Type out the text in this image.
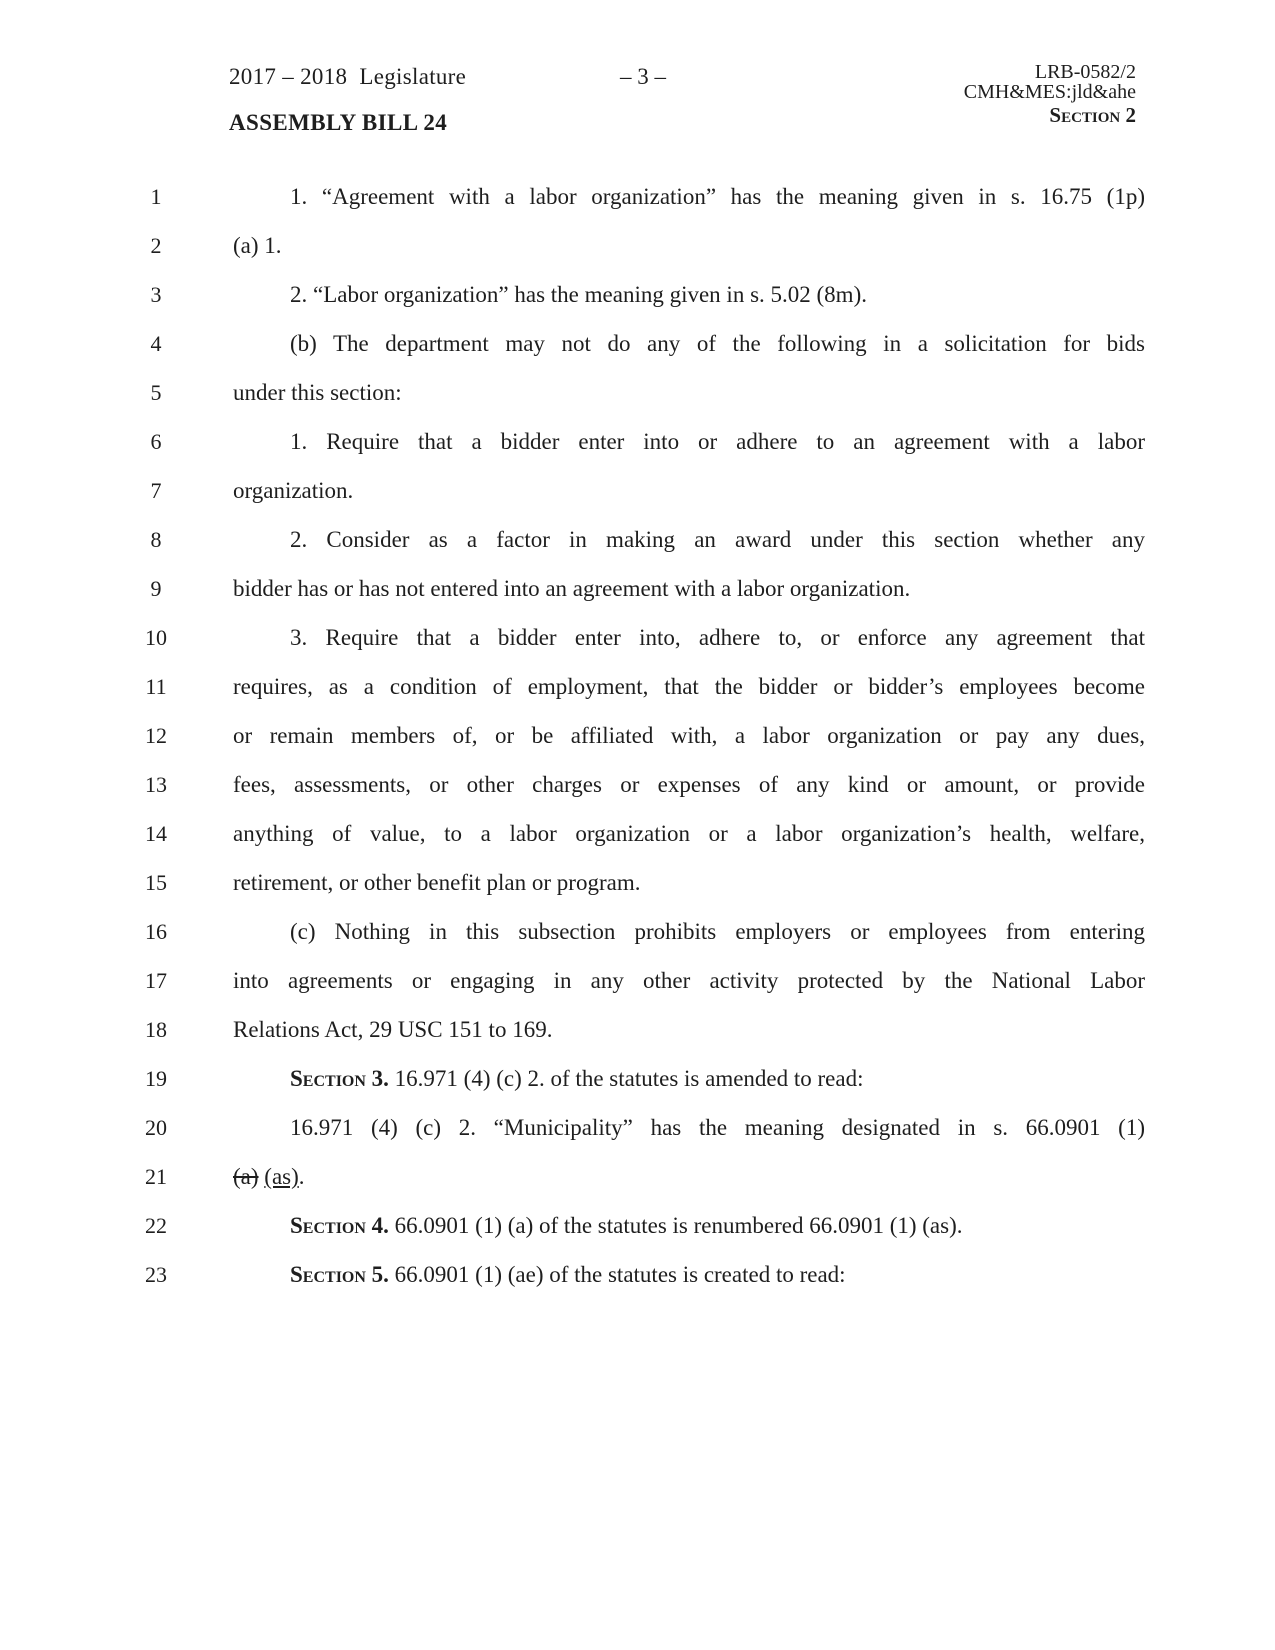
2017 – 2018  Legislature
ASSEMBLY BILL 24
– 3 –	LRB-0582/2
CMH&MES:jld&ahe
Section 2
1	1. “Agreement with a labor organization” has the meaning given in s. 16.75 (1p)
2	(a) 1.
3	2. “Labor organization” has the meaning given in s. 5.02 (8m).
4	(b) The department may not do any of the following in a solicitation for bids
5	under this section:
6	1. Require that a bidder enter into or adhere to an agreement with a labor
7	organization.
8	2. Consider as a factor in making an award under this section whether any
9	bidder has or has not entered into an agreement with a labor organization.
10	3. Require that a bidder enter into, adhere to, or enforce any agreement that
11	requires, as a condition of employment, that the bidder or bidder’s employees become
12	or remain members of, or be affiliated with, a labor organization or pay any dues,
13	fees, assessments, or other charges or expenses of any kind or amount, or provide
14	anything of value, to a labor organization or a labor organization’s health, welfare,
15	retirement, or other benefit plan or program.
16	(c) Nothing in this subsection prohibits employers or employees from entering
17	into agreements or engaging in any other activity protected by the National Labor
18	Relations Act, 29 USC 151 to 169.
19	Section 3. 16.971 (4) (c) 2. of the statutes is amended to read:
20	16.971 (4) (c) 2. “Municipality” has the meaning designated in s. 66.0901 (1)
21	(a) (as).
22	Section 4. 66.0901 (1) (a) of the statutes is renumbered 66.0901 (1) (as).
23	Section 5. 66.0901 (1) (ae) of the statutes is created to read:
